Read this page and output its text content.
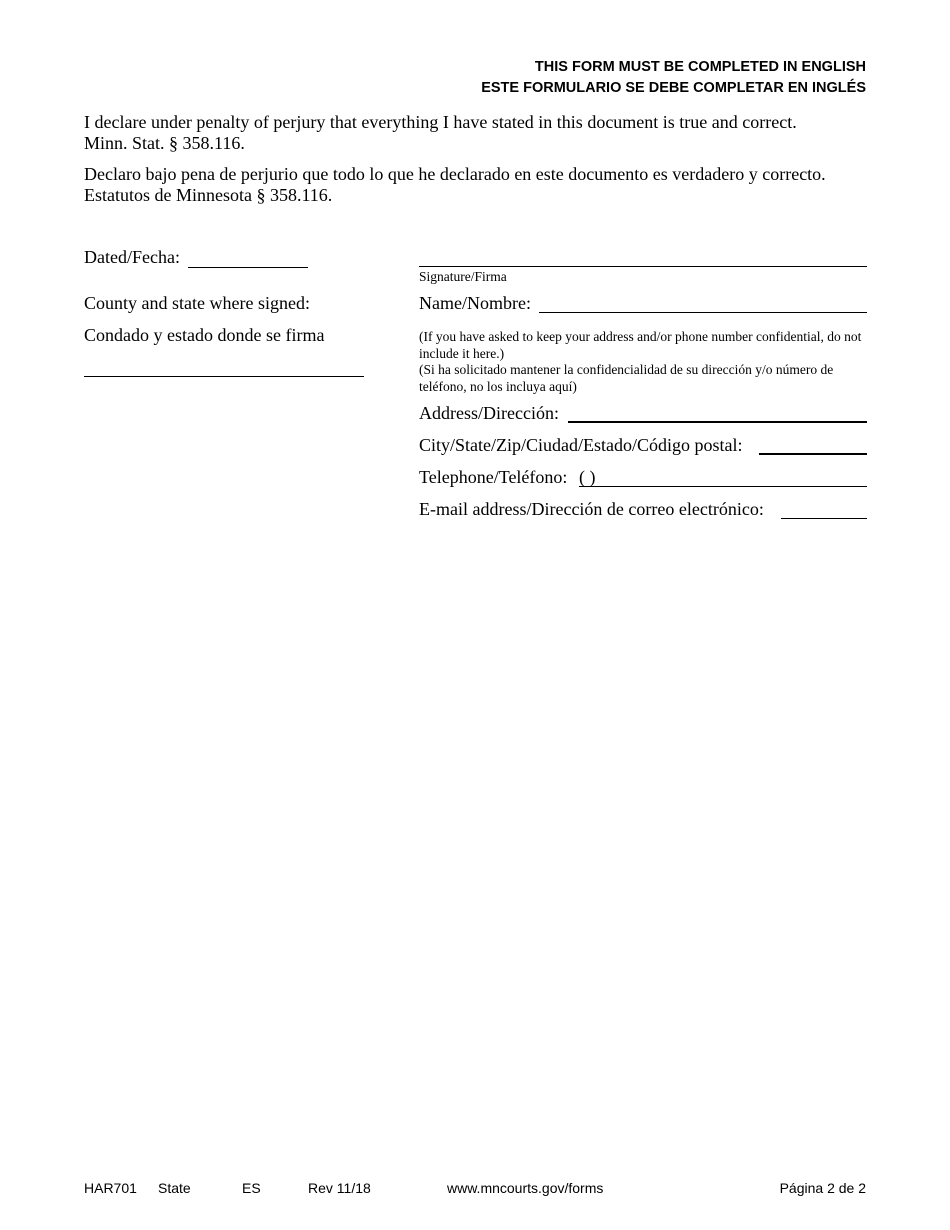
THIS FORM MUST BE COMPLETED IN ENGLISH
ESTE FORMULARIO SE DEBE COMPLETAR EN INGLÉS
I declare under penalty of perjury that everything I have stated in this document is true and correct.
Minn. Stat. § 358.116.
Declaro bajo pena de perjurio que todo lo que he declarado en este documento es verdadero y correcto.
Estatutos de Minnesota § 358.116.
Dated/Fecha:
County and state where signed:
Condado y estado donde se firma
Signature/Firma
Name/Nombre:
(If you have asked to keep your address and/or phone number confidential, do not include it here.)
(Si ha solicitado mantener la confidencialidad de su dirección y/o número de teléfono, no los incluya aquí)
Address/Dirección:
City/State/Zip/Ciudad/Estado/Código postal:
Telephone/Teléfono: ( )
E-mail address/Dirección de correo electrónico:
HAR701 State	ES	Rev 11/18	www.mncourts.gov/forms	Página 2 de 2
